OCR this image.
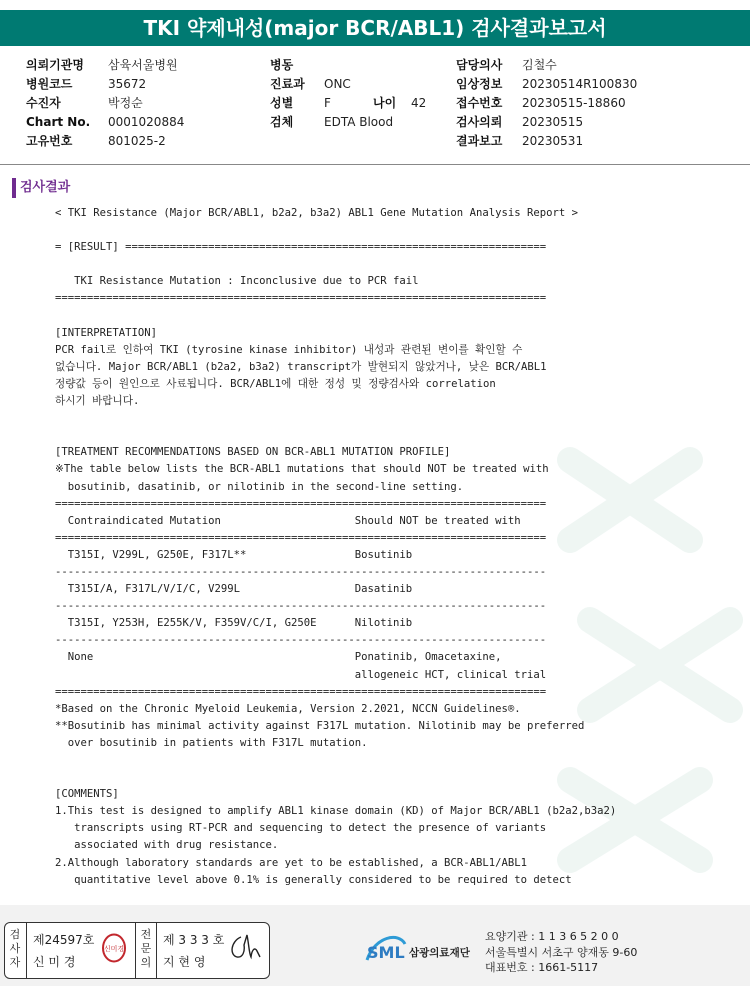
TKI 약제내성(major BCR/ABL1) 검사결과보고서
의뢰기관명	삼육서울병원
병원코드	35672
수진자	박정순
Chart No.	0001020884
고유번호	801025-2
병동
진료과	ONC
성별	F
검체	EDTA Blood
담당의사	김철수
임상정보	20230514R100830
접수번호	20230515-18860
검사의뢰	20230515
결과보고	20230531
나이	42
검사결과
< TKI Resistance (Major BCR/ABL1, b2a2, b3a2) ABL1 Gene Mutation Analysis Report >
= [RESULT] ==================================================================
TKI Resistance Mutation : Inconclusive due to PCR fail
=============================================================================
[INTERPRETATION]
PCR fail로 인하여 TKI (tyrosine kinase inhibitor) 내성과 관련된 변이를 확인할 수
없습니다. Major BCR/ABL1 (b2a2, b3a2) transcript가 발현되지 않았거나, 낮은 BCR/ABL1
정량값 등이 원인으로 사료됩니다. BCR/ABL1에 대한 정성 및 정량검사와 correlation
하시기 바랍니다.
[TREATMENT RECOMMENDATIONS BASED ON BCR-ABL1 MUTATION PROFILE]
※The table below lists the BCR-ABL1 mutations that should NOT be treated with
bosutinib, dasatinib, or nilotinib in the second-line setting.
=============================================================================
Contraindicated Mutation                     Should NOT be treated with
=============================================================================
T315I, V299L, G250E, F317L**                 Bosutinib
-----------------------------------------------------------------------------
T315I/A, F317L/V/I/C, V299L                  Dasatinib
-----------------------------------------------------------------------------
T315I, Y253H, E255K/V, F359V/C/I, G250E      Nilotinib
-----------------------------------------------------------------------------
None                                         Ponatinib, Omacetaxine,
allogeneic HCT, clinical trial
=============================================================================
*Based on the Chronic Myeloid Leukemia, Version 2.2021, NCCN Guidelines®.
**Bosutinib has minimal activity against F317L mutation. Nilotinib may be preferred
over bosutinib in patients with F317L mutation.
[COMMENTS]
1.This test is designed to amplify ABL1 kinase domain (KD) of Major BCR/ABL1 (b2a2,b3a2)
transcripts using RT-PCR and sequencing to detect the presence of variants
associated with drug resistance.
2.Although laboratory standards are yet to be established, a BCR-ABL1/ABL1
quantitative level above 0.1% is generally considered to be required to detect
검
사
자
제24597호
신 미 경
신미경
전
문
의
제 3 3 3 호
지 현 영	SML 삼광의료재단
요양기관 : 1 1 3 6 5 2 0 0
서울특별시 서초구 양재동 9-60
대표번호 : 1661-5117
